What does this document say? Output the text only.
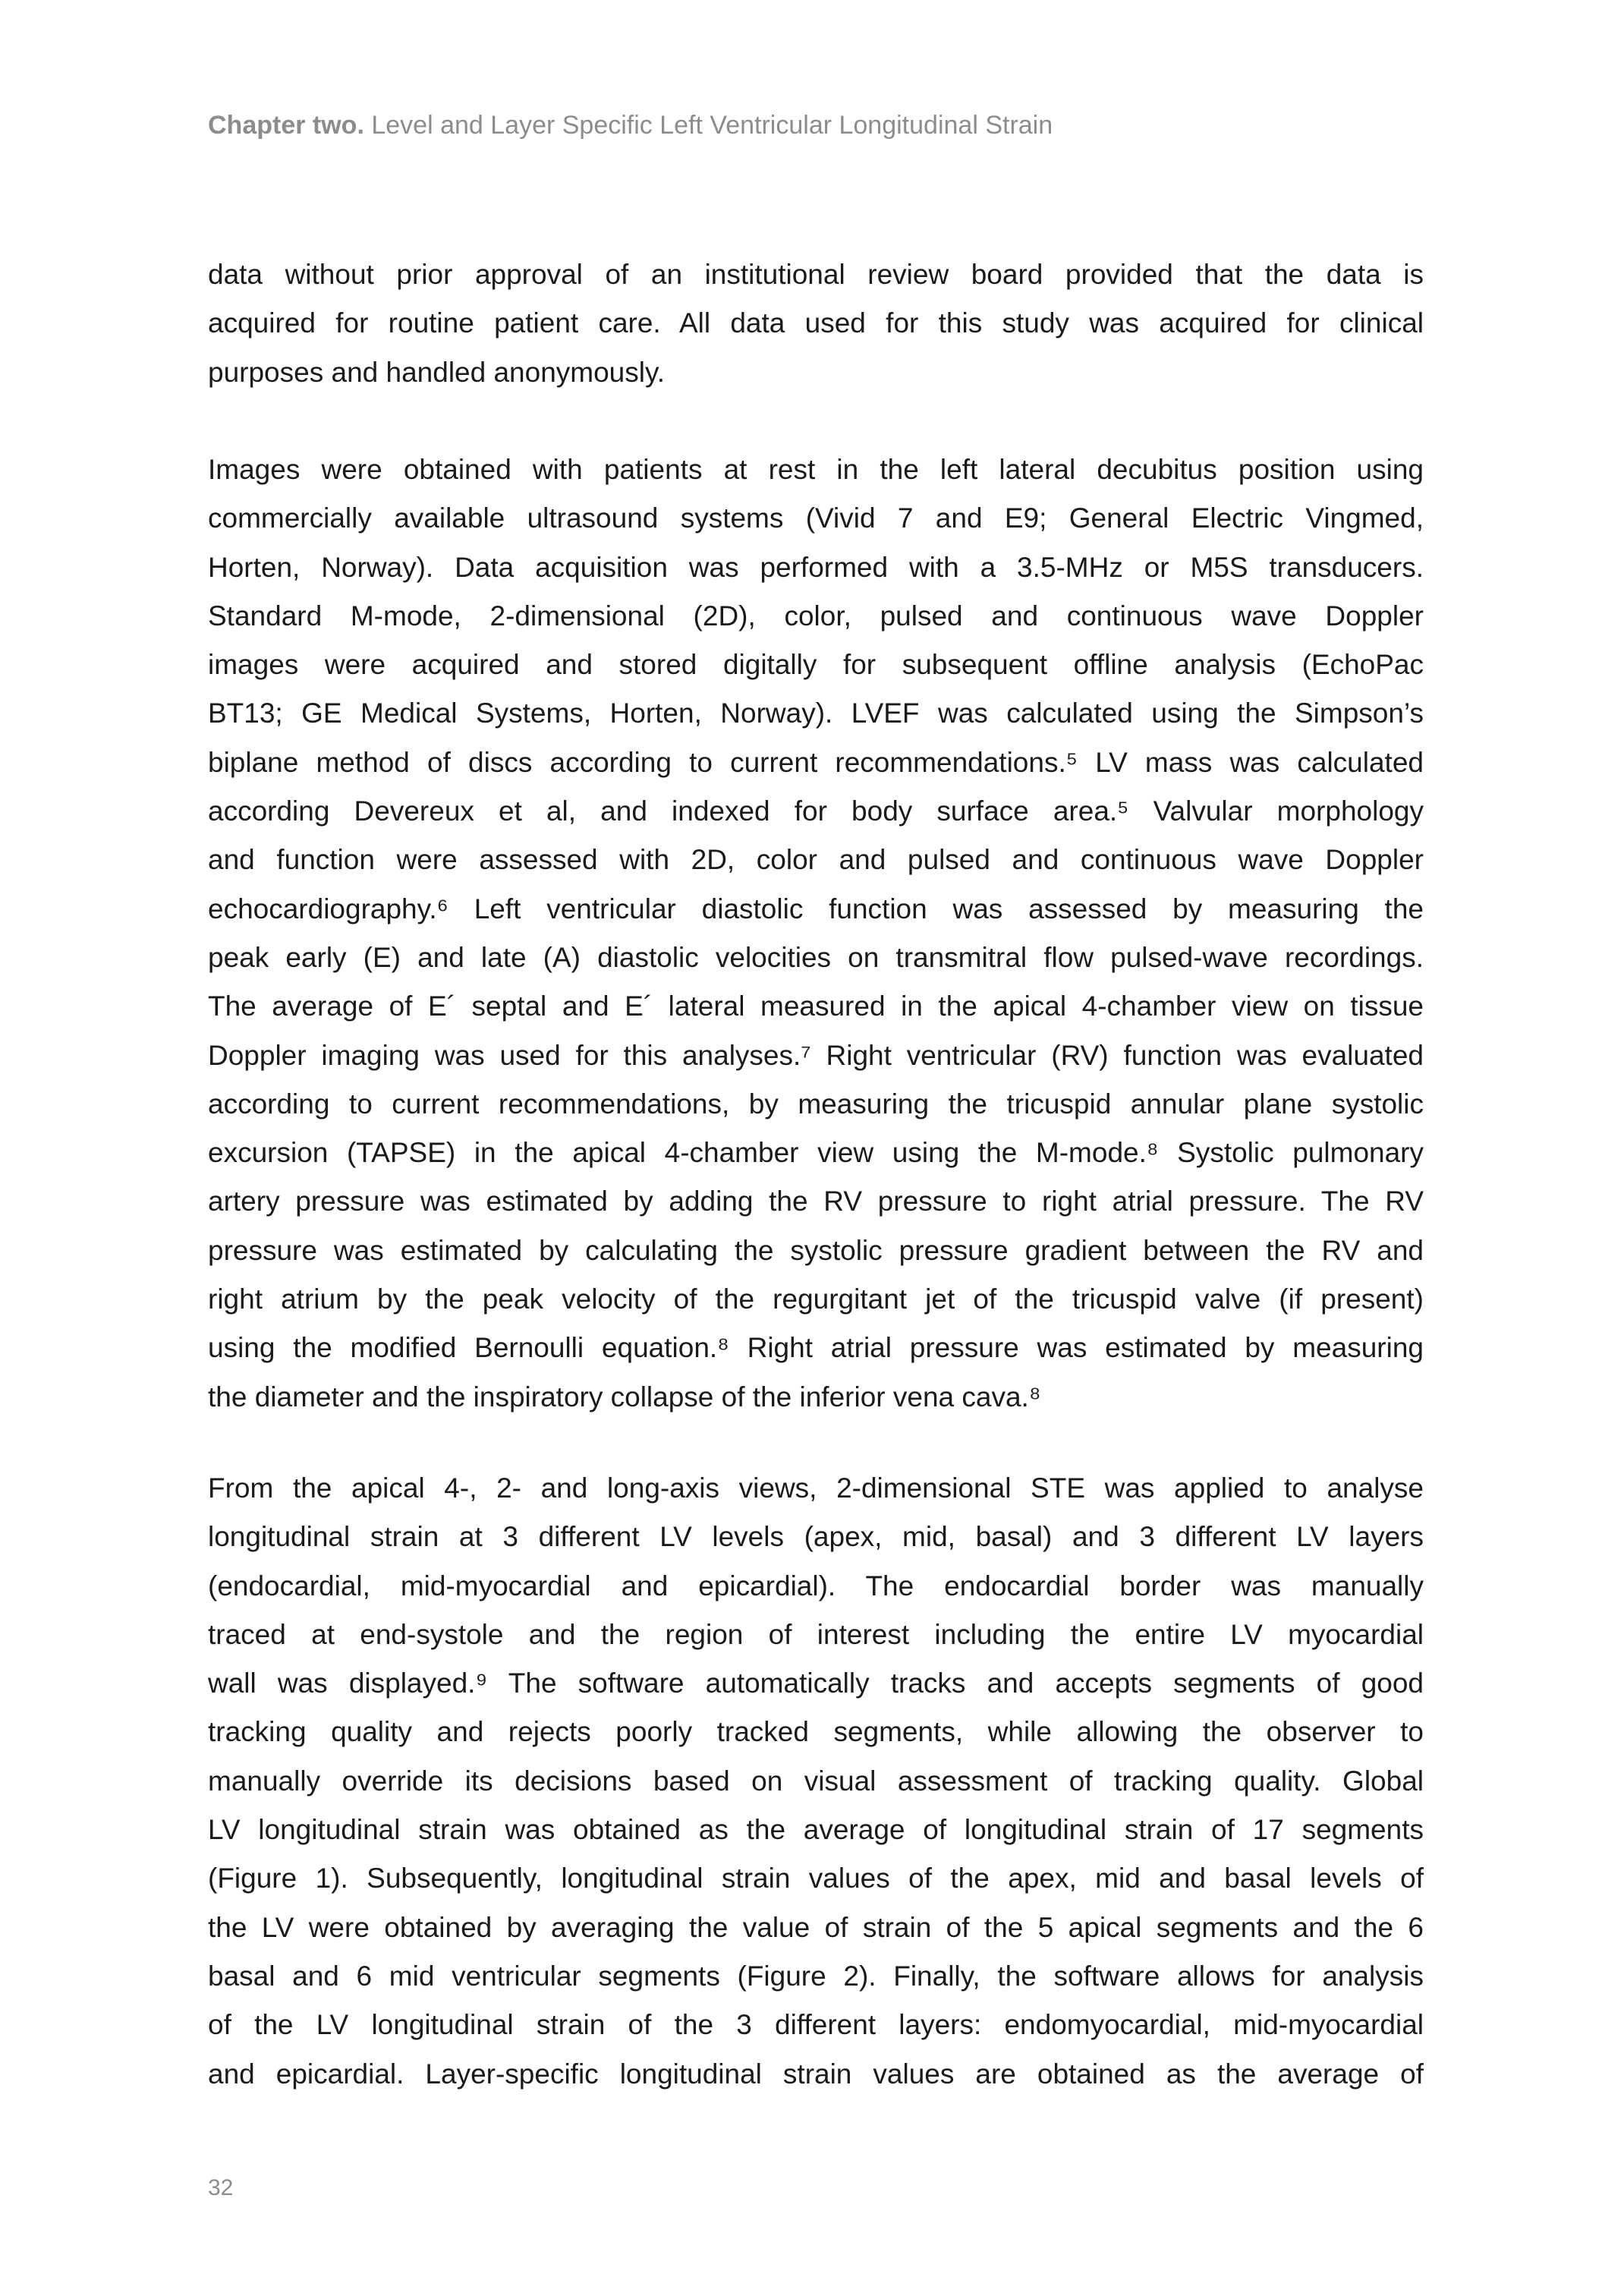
Chapter two. Level and Layer Specific Left Ventricular Longitudinal Strain
data without prior approval of an institutional review board provided that the data is
acquired for routine patient care. All data used for this study was acquired for clinical
purposes and handled anonymously.
Images were obtained with patients at rest in the left lateral decubitus position using
commercially available ultrasound systems (Vivid 7 and E9; General Electric Vingmed,
Horten, Norway). Data acquisition was performed with a 3.5-MHz or M5S transducers.
Standard M-mode, 2-dimensional (2D), color, pulsed and continuous wave Doppler
images were acquired and stored digitally for subsequent offline analysis (EchoPac
BT13; GE Medical Systems, Horten, Norway). LVEF was calculated using the Simpson’s
biplane method of discs according to current recommendations.⁵ LV mass was calculated
according Devereux et al, and indexed for body surface area.⁵ Valvular morphology
and function were assessed with 2D, color and pulsed and continuous wave Doppler
echocardiography.⁶ Left ventricular diastolic function was assessed by measuring the
peak early (E) and late (A) diastolic velocities on transmitral flow pulsed-wave recordings.
The average of E´ septal and E´ lateral measured in the apical 4-chamber view on tissue
Doppler imaging was used for this analyses.⁷ Right ventricular (RV) function was evaluated
according to current recommendations, by measuring the tricuspid annular plane systolic
excursion (TAPSE) in the apical 4-chamber view using the M-mode.⁸ Systolic pulmonary
artery pressure was estimated by adding the RV pressure to right atrial pressure. The RV
pressure was estimated by calculating the systolic pressure gradient between the RV and
right atrium by the peak velocity of the regurgitant jet of the tricuspid valve (if present)
using the modified Bernoulli equation.⁸ Right atrial pressure was estimated by measuring
the diameter and the inspiratory collapse of the inferior vena cava.⁸
From the apical 4-, 2- and long-axis views, 2-dimensional STE was applied to analyse
longitudinal strain at 3 different LV levels (apex, mid, basal) and 3 different LV layers
(endocardial, mid-myocardial and epicardial). The endocardial border was manually
traced at end-systole and the region of interest including the entire LV myocardial
wall was displayed.⁹ The software automatically tracks and accepts segments of good
tracking quality and rejects poorly tracked segments, while allowing the observer to
manually override its decisions based on visual assessment of tracking quality. Global
LV longitudinal strain was obtained as the average of longitudinal strain of 17 segments
(Figure 1). Subsequently, longitudinal strain values of the apex, mid and basal levels of
the LV were obtained by averaging the value of strain of the 5 apical segments and the 6
basal and 6 mid ventricular segments (Figure 2). Finally, the software allows for analysis
of the LV longitudinal strain of the 3 different layers: endomyocardial, mid-myocardial
and epicardial. Layer-specific longitudinal strain values are obtained as the average of
32
